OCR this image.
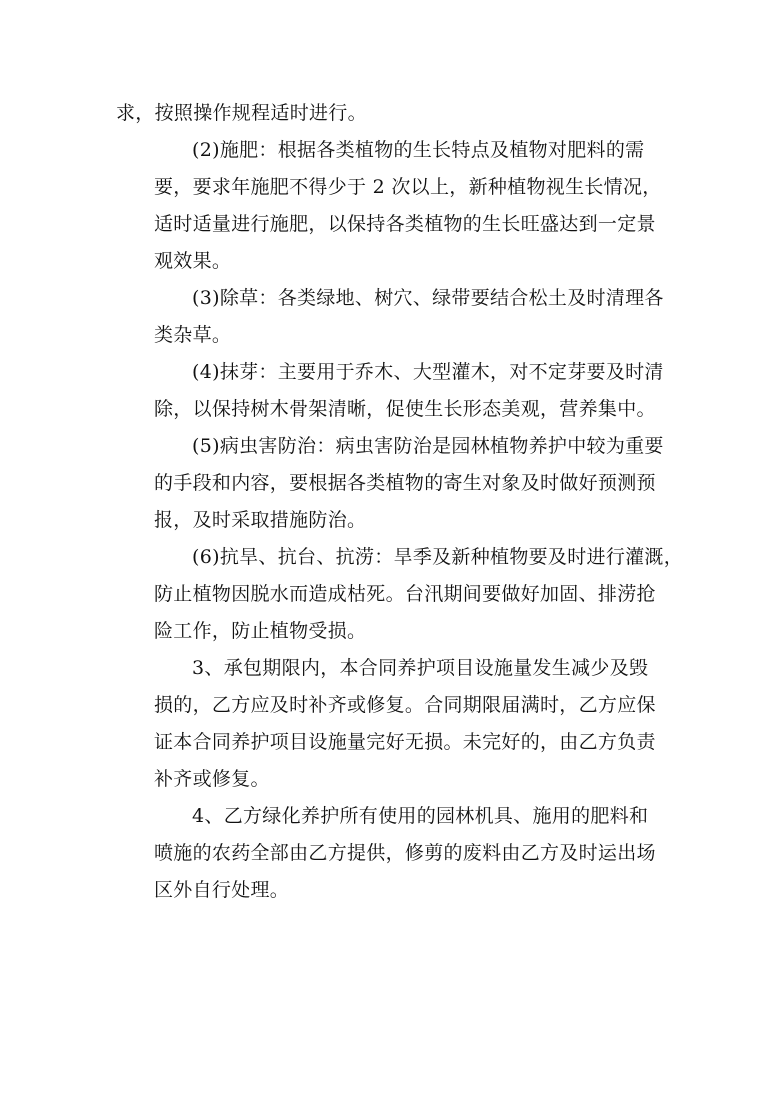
求，按照操作规程适时进行。
(2)施肥：根据各类植物的生长特点及植物对肥料的需
要，要求年施肥不得少于 2 次以上，新种植物视生长情况，
适时适量进行施肥，以保持各类植物的生长旺盛达到一定景
观效果。
(3)除草：各类绿地、树穴、绿带要结合松土及时清理各
类杂草。
(4)抹芽：主要用于乔木、大型灌木，对不定芽要及时清
除，以保持树木骨架清晰，促使生长形态美观，营养集中。
(5)病虫害防治：病虫害防治是园林植物养护中较为重要
的手段和内容，要根据各类植物的寄生对象及时做好预测预
报，及时采取措施防治。
(6)抗旱、抗台、抗涝：旱季及新种植物要及时进行灌溉，
防止植物因脱水而造成枯死。台汛期间要做好加固、排涝抢
险工作，防止植物受损。
3、承包期限内，本合同养护项目设施量发生减少及毁
损的，乙方应及时补齐或修复。合同期限届满时，乙方应保
证本合同养护项目设施量完好无损。未完好的，由乙方负责
补齐或修复。
4、乙方绿化养护所有使用的园林机具、施用的肥料和
喷施的农药全部由乙方提供，修剪的废料由乙方及时运出场
区外自行处理。
